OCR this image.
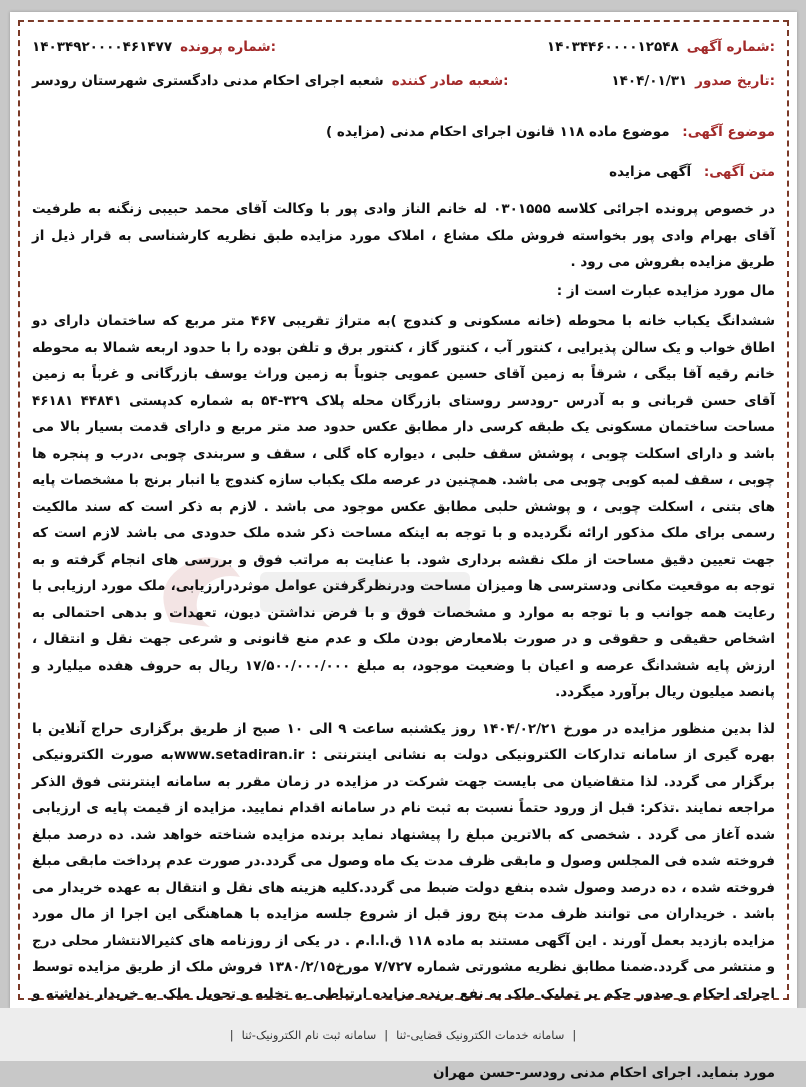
شماره آگهی:
۱۴۰۳۴۴۶۰۰۰۰۱۲۵۴۸
شماره پرونده:
۱۴۰۳۴۹۲۰۰۰۰۴۶۱۴۷۷
تاریخ صدور:
۱۴۰۴/۰۱/۳۱
شعبه صادر کننده:
شعبه اجرای احکام مدنی دادگستری شهرستان رودسر
موضوع آگهی: موضوع ماده ۱۱۸ قانون اجرای احکام مدنی (مزایده )
متن آگهی: آگهی مزایده
در خصوص پرونده اجرائی کلاسه ۰۳۰۱۵۵۵ له خانم الناز وادی پور با وکالت آقای محمد حبیبی زنگنه به طرفیت آقای بهرام وادی پور بخواسته فروش ملک مشاع ، املاک مورد مزایده طبق نظریه کارشناسی به قرار ذیل از طریق مزایده بفروش می رود .
مال مورد مزایده عبارت است از :
ششدانگ یکباب خانه با محوطه (خانه مسکونی و کندوج )به متراژ تقریبی ۴۶۷ متر مربع که ساختمان دارای دو اطاق خواب و یک سالن پذیرایی ، کنتور آب ، کنتور گاز ، کنتور برق و تلفن بوده را با حدود اربعه شمالا به محوطه خانم رقیه آقا بیگی ، شرقاً به زمین آقای حسین عمویی جنوباً به زمین وراث یوسف بازرگانی و غرباً به زمین آقای حسن قربانی و به آدرس -رودسر روستای بازرگان محله پلاک ۳۲۹-۵۴ به شماره کدپستی ۴۴۸۴۱ ۴۶۱۸۱ مساحت ساختمان مسکونی یک طبقه کرسی دار مطابق عکس حدود صد متر مربع و دارای قدمت بسیار بالا می باشد و دارای اسکلت چوبی ، پوشش سقف حلبی ، دیواره کاه گلی ، سقف و سربندی چوبی ،درب و پنجره ها چوبی ، سقف لمبه کوبی چوبی می باشد. همچنین در عرصه ملک یکباب سازه کندوج یا انبار برنج با مشخصات پایه های بتنی ، اسکلت چوبی ، و پوشش حلبی مطابق عکس موجود می باشد . لازم به ذکر است که سند مالکیت رسمی برای ملک مذکور ارائه نگردیده و با توجه به اینکه مساحت ذکر شده ملک حدودی می باشد لازم است که جهت تعیین دقیق مساحت از ملک نقشه برداری شود. با عنایت به مراتب فوق و بررسی های انجام گرفته و به توجه به موقعیت مکانی ودسترسی ها ومیزان مساحت ودرنظرگرفتن عوامل موثردرارزیابی، ملک مورد ارزیابی با رعایت همه جوانب و با توجه به موارد و مشخصات فوق و با فرض نداشتن دیون، تعهدات و بدهی احتمالی به اشخاص حقیقی و حقوقی و در صورت بلامعارض بودن ملک و عدم منع قانونی و شرعی جهت نقل و انتقال ، ارزش پایه ششدانگ عرصه و اعیان با وضعیت موجود، به مبلغ ۱۷/۵۰۰/۰۰۰/۰۰۰ ریال به حروف هفده میلیارد و پانصد میلیون ریال برآورد میگردد.
لذا بدین منظور مزایده در مورخ ۱۴۰۴/۰۲/۲۱ روز یکشنبه ساعت ۹ الی ۱۰ صبح از طریق برگزاری حراج آنلاین با بهره گیری از سامانه تدارکات الکترونیکی دولت به نشانی اینترنتی : www.setadiran.irبه صورت الکترونیکی برگزار می گردد. لذا متقاضیان می بایست جهت شرکت در مزایده در زمان مقرر به سامانه اینترنتی فوق الذکر مراجعه نمایند .تذکر: قبل از ورود حتماً نسبت به ثبت نام در سامانه اقدام نمایید. مزایده از قیمت پایه ی ارزیابی شده آغاز می گردد . شخصی که بالاترین مبلغ را پیشنهاد نماید برنده مزایده شناخته خواهد شد. ده درصد مبلغ فروخته شده فی المجلس وصول و مابقی ظرف مدت یک ماه وصول می گردد.در صورت عدم پرداخت مابقی مبلغ فروخته شده ، ده درصد وصول شده بنفع دولت ضبط می گردد.کلیه هزینه های نقل و انتقال به عهده خریدار می باشد . خریداران می توانند ظرف مدت پنج روز قبل از شروع جلسه مزایده با هماهنگی این اجرا از مال مورد مزایده بازدید بعمل آورند . این آگهی مستند به ماده ۱۱۸ ق.ا.ا.م . در یکی از روزنامه های کثیرالانتشار محلی درج و منتشر می گردد.ضمنا مطابق نظریه مشورتی شماره ۷/۷۲۷ مورخ۱۳۸۰/۲/۱۵ فروش ملک از طریق مزایده توسط اجرای احکام و صدور حکم بر تملیک ملک به نفع برنده مزایده ارتباطی به تخلیه و تحویل ملک به خریدار نداشته و مورد بنماید. اجرای احکام مدنی رودسر-حسن مهران
|
سامانه خدمات الکترونیک قضایی-ثنا
|
سامانه ثبت نام الکترونیک-ثنا
|
